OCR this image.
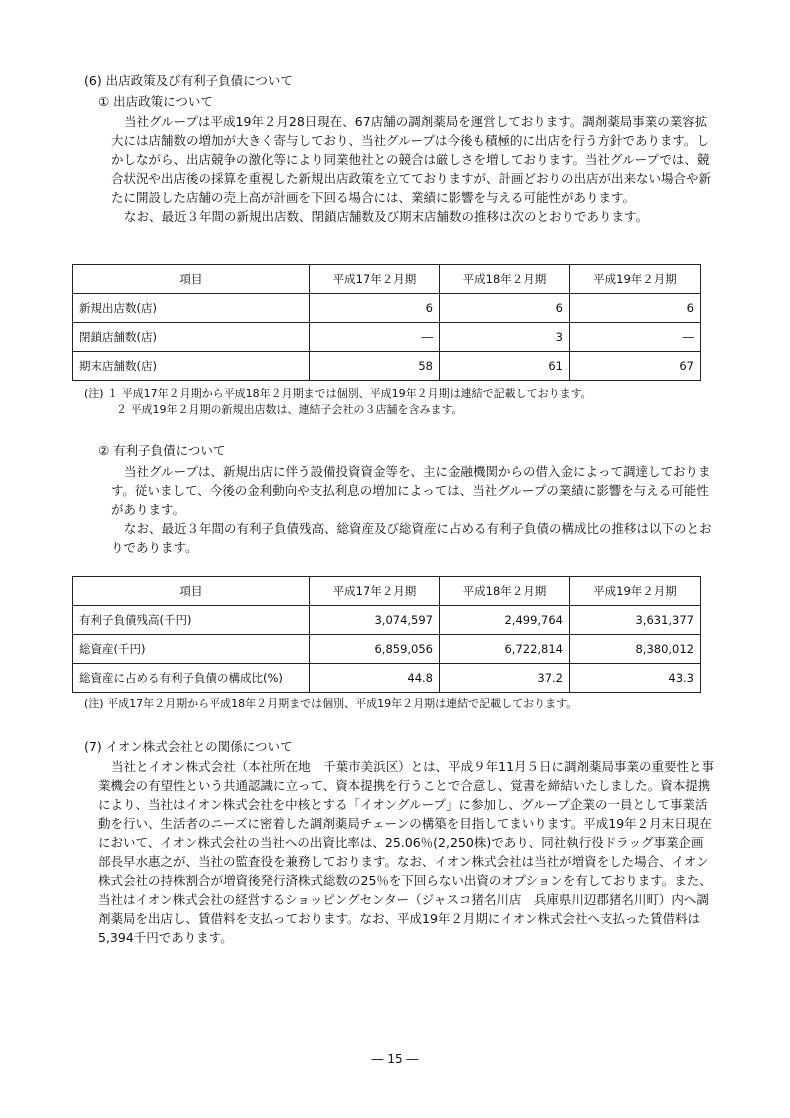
(6) 出店政策及び有利子負債について
① 出店政策について

当社グループは平成19年２月28日現在、67店舗の調剤薬局を運営しております。調剤薬局事業の業容拡大には店舗数の増加が大きく寄与しており、当社グループは今後も積極的に出店を行う方針であります。しかしながら、出店競争の激化等により同業他社との競合は厳しさを増しております。当社グループでは、競合状況や出店後の採算を重視した新規出店政策を立てておりますが、計画どおりの出店が出来ない場合や新たに開設した店舗の売上高が計画を下回る場合には、業績に影響を与える可能性があります。

なお、最近３年間の新規出店数、閉鎖店舗数及び期末店舗数の推移は次のとおりであります。

項目	平成17年２月期	平成18年２月期	平成19年２月期
新規出店数(店)	6	6	6
閉鎖店舗数(店)	―	3	―
期末店舗数(店)	58	61	67
(注) １ 平成17年２月期から平成18年２月期までは個別、平成19年２月期は連結で記載しております。
２ 平成19年２月期の新規出店数は、連結子会社の３店舗を含みます。
② 有利子負債について

当社グループは、新規出店に伴う設備投資資金等を、主に金融機関からの借入金によって調達しております。従いまして、今後の金利動向や支払利息の増加によっては、当社グループの業績に影響を与える可能性があります。

なお、最近３年間の有利子負債残高、総資産及び総資産に占める有利子負債の構成比の推移は以下のとおりであります。

項目	平成17年２月期	平成18年２月期	平成19年２月期
有利子負債残高(千円)	3,074,597	2,499,764	3,631,377
総資産(千円)	6,859,056	6,722,814	8,380,012
総資産に占める有利子負債の構成比(%)	44.8	37.2	43.3
(注) 平成17年２月期から平成18年２月期までは個別、平成19年２月期は連結で記載しております。
(7) イオン株式会社との関係について

当社とイオン株式会社（本社所在地　千葉市美浜区）とは、平成９年11月５日に調剤薬局事業の重要性と事業機会の有望性という共通認識に立って、資本提携を行うことで合意し、覚書を締結いたしました。資本提携により、当社はイオン株式会社を中核とする「イオングループ」に参加し、グループ企業の一員として事業活動を行い、生活者のニーズに密着した調剤薬局チェーンの構築を目指してまいります。平成19年２月末日現在において、イオン株式会社の当社への出資比率は、25.06％(2,250株)であり、同社執行役ドラッグ事業企画部長早水惠之が、当社の監査役を兼務しております。なお、イオン株式会社は当社が増資をした場合、イオン株式会社の持株割合が増資後発行済株式総数の25％を下回らない出資のオプションを有しております。また、当社はイオン株式会社の経営するショッピングセンター（ジャスコ猪名川店　兵庫県川辺郡猪名川町）内へ調剤薬局を出店し、賃借料を支払っております。なお、平成19年２月期にイオン株式会社へ支払った賃借料は5,394千円であります。

― 15 ―
